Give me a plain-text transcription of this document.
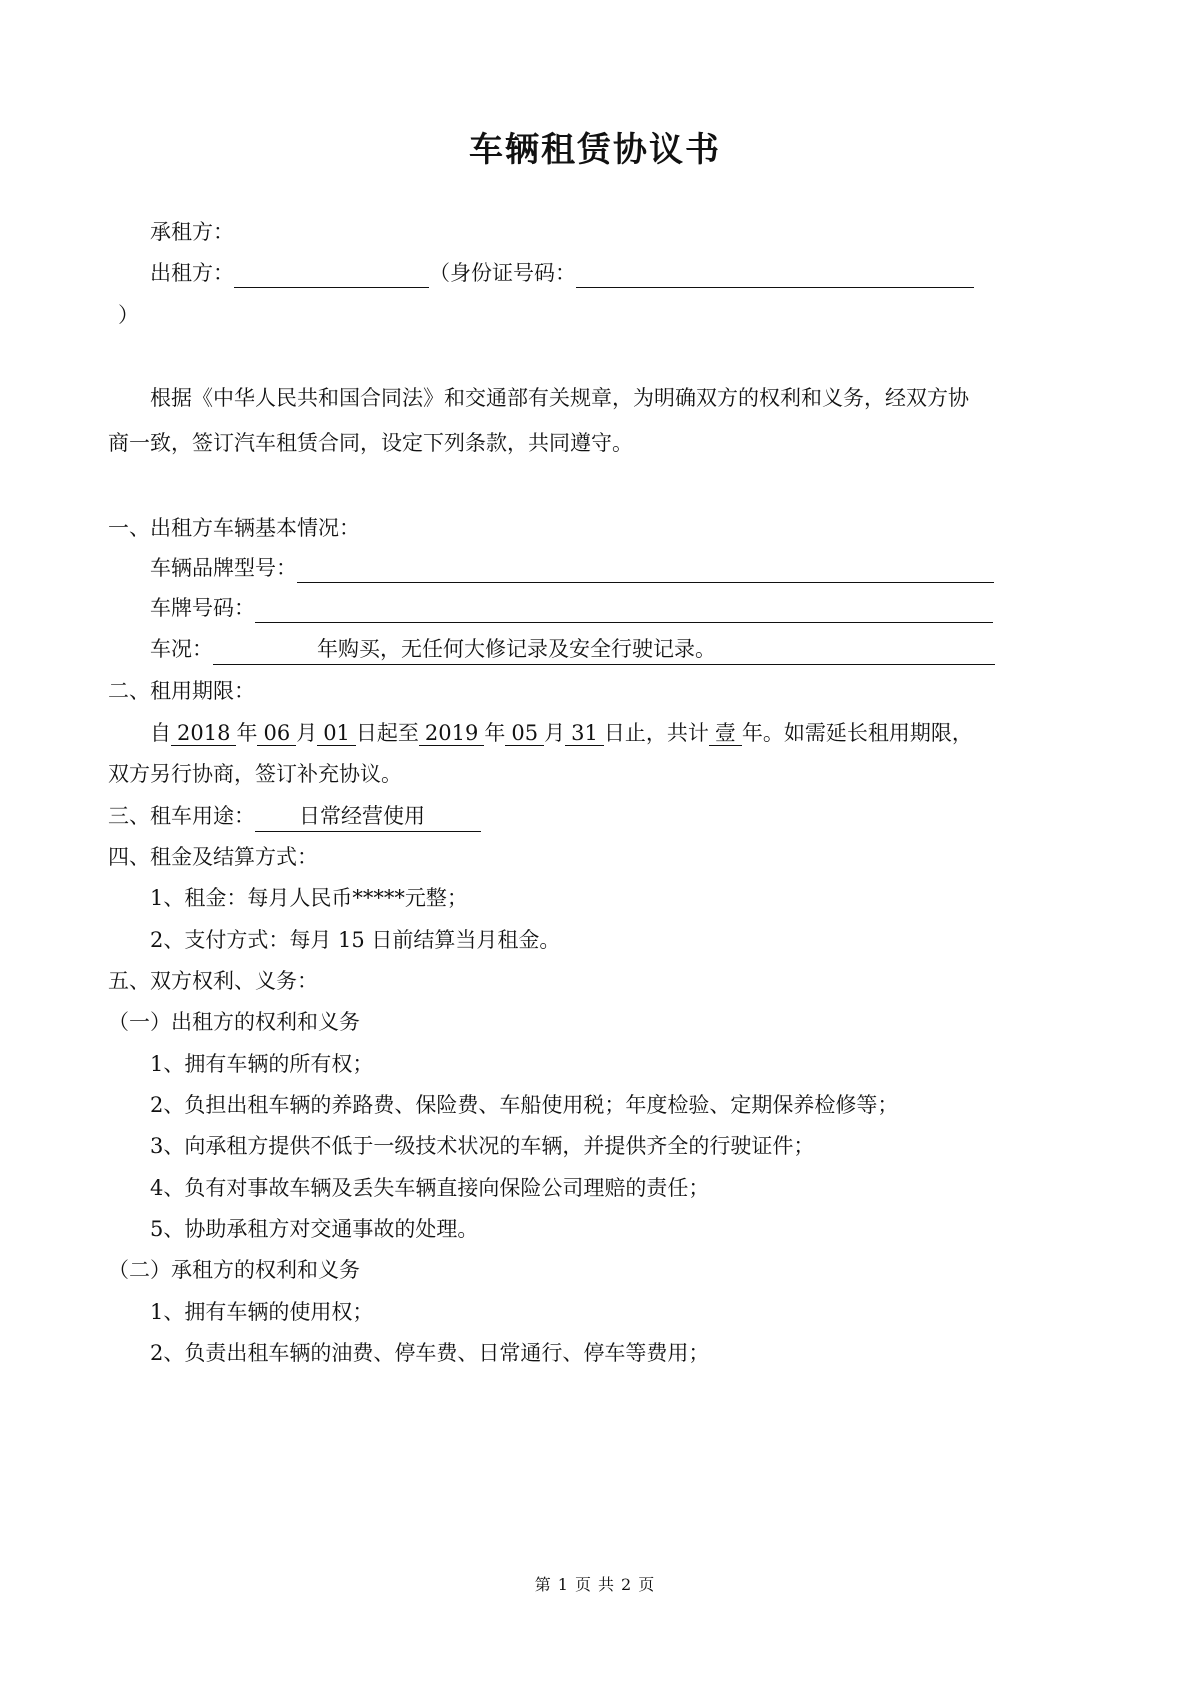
车辆租赁协议书
承租方：
出租方：	（身份证号码：
）
根据《中华人民共和国合同法》和交通部有关规章，为明确双方的权利和义务，经双方协
商一致，签订汽车租赁合同，设定下列条款，共同遵守。
一、出租方车辆基本情况：
车辆品牌型号：
车牌号码：
车况：	年购买，无任何大修记录及安全行驶记录。
二、租用期限：
自 2018 年 06 月 01 日起至 2019 年 05 月 31 日止，共计 壹 年。如需延长租用期限，
双方另行协商，签订补充协议。
三、租车用途： 日常经营使用
四、租金及结算方式：
1、租金：每月人民币*****元整；
2、支付方式：每月 15 日前结算当月租金。
五、双方权利、义务：
（一）出租方的权利和义务
1、拥有车辆的所有权；
2、负担出租车辆的养路费、保险费、车船使用税；年度检验、定期保养检修等；
3、向承租方提供不低于一级技术状况的车辆，并提供齐全的行驶证件；
4、负有对事故车辆及丢失车辆直接向保险公司理赔的责任；
5、协助承租方对交通事故的处理。
（二）承租方的权利和义务
1、拥有车辆的使用权；
2、负责出租车辆的油费、停车费、日常通行、停车等费用；
第 1 页 共 2 页
